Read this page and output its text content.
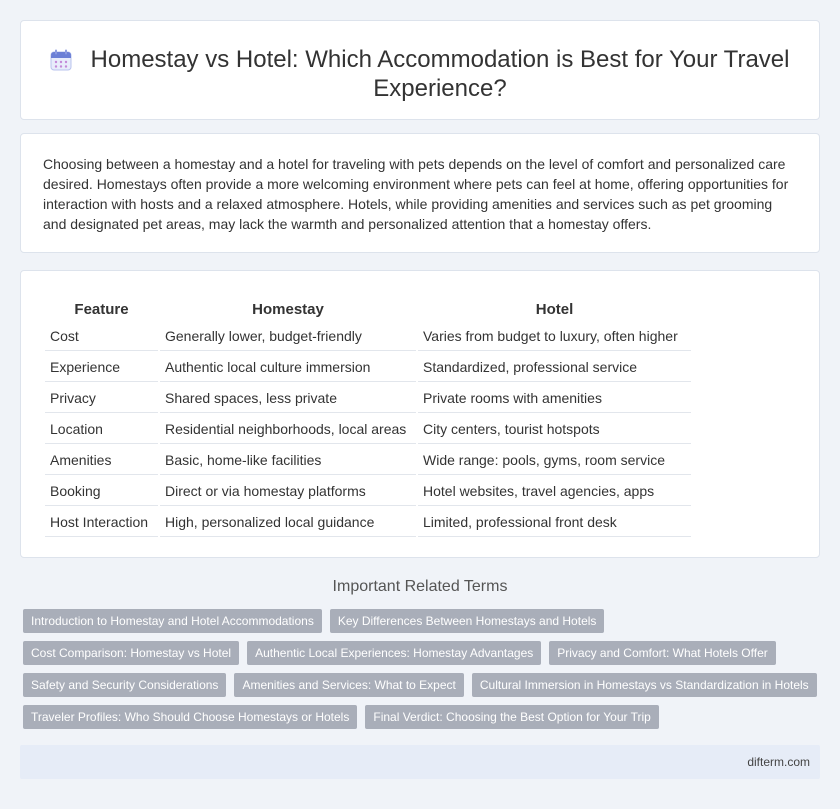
Homestay vs Hotel: Which Accommodation is Best for Your Travel Experience?

Choosing between a homestay and a hotel for traveling with pets depends on the level of comfort and personalized care desired. Homestays often provide a more welcoming environment where pets can feel at home, offering opportunities for interaction with hosts and a relaxed atmosphere. Hotels, while providing amenities and services such as pet grooming and designated pet areas, may lack the warmth and personalized attention that a homestay offers.

Feature	Homestay	Hotel
Cost	Generally lower, budget-friendly	Varies from budget to luxury, often higher
Experience	Authentic local culture immersion	Standardized, professional service
Privacy	Shared spaces, less private	Private rooms with amenities
Location	Residential neighborhoods, local areas	City centers, tourist hotspots
Amenities	Basic, home-like facilities	Wide range: pools, gyms, room service
Booking	Direct or via homestay platforms	Hotel websites, travel agencies, apps
Host Interaction	High, personalized local guidance	Limited, professional front desk
Important Related Terms
Introduction to Homestay and Hotel Accommodations	Key Differences Between Homestays and Hotels
Cost Comparison: Homestay vs Hotel	Authentic Local Experiences: Homestay Advantages	Privacy and Comfort: What Hotels Offer
Safety and Security Considerations	Amenities and Services: What to Expect	Cultural Immersion in Homestays vs Standardization in Hotels
Traveler Profiles: Who Should Choose Homestays or Hotels	Final Verdict: Choosing the Best Option for Your Trip
difterm.com
